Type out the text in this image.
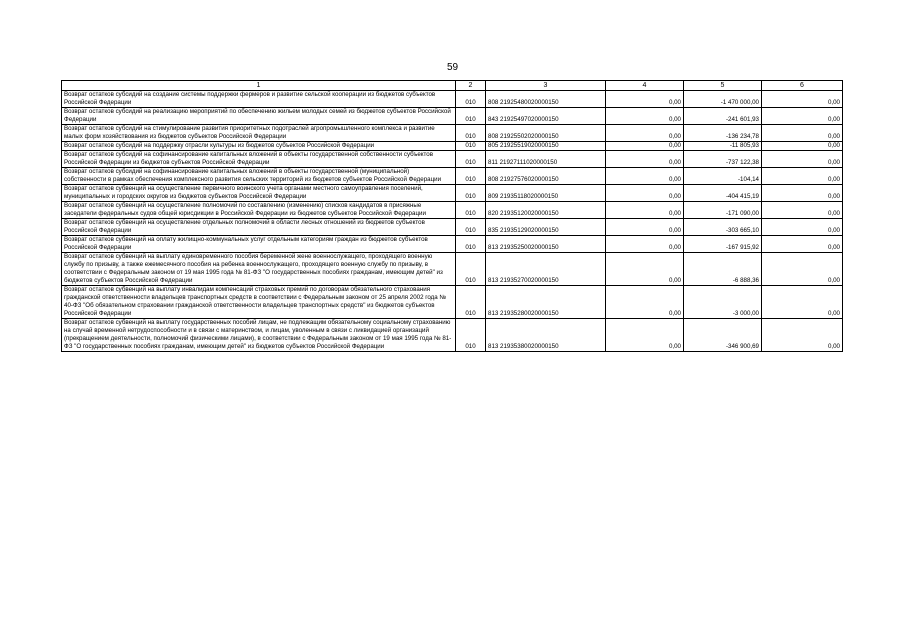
59
1	2	3	4	5	6
Возврат остатков субсидий на создание системы поддержки фермеров и развитие сельской кооперации из бюджетов субъектов Российской Федерации	010	808 21925480020000150	0,00	-1 470 000,00	0,00
Возврат остатков субсидий на реализацию мероприятий по обеспечению жильем молодых семей из бюджетов субъектов Российской Федерации	010	843 21925497020000150	0,00	-241 601,93	0,00
Возврат остатков субсидий на стимулирование развития приоритетных подотраслей агропромышленного комплекса и развитие малых форм хозяйствования из бюджетов субъектов Российской Федерации	010	808 21925502020000150	0,00	-136 234,78	0,00
Возврат остатков субсидий на поддержку отрасли культуры из бюджетов субъектов Российской Федерации	010	805 21925519020000150	0,00	-11 805,93	0,00
Возврат остатков субсидий на софинансирование капитальных вложений в объекты государственной собственности субъектов Российской Федерации из бюджетов субъектов Российской Федерации	010	811 21927111020000150	0,00	-737 122,38	0,00
Возврат остатков субсидий на софинансирование капитальных вложений в объекты государственной (муниципальной) собственности в рамках обеспечения комплексного развития сельских территорий из бюджетов субъектов Российской Федерации	010	808 21927576020000150	0,00	-104,14	0,00
Возврат остатков субвенций на осуществление первичного воинского учета органами местного самоуправления поселений, муниципальных и городских округов из бюджетов субъектов Российской Федерации	010	809 21935118020000150	0,00	-404 415,19	0,00
Возврат остатков субвенций на осуществление полномочий по составлению (изменению) списков кандидатов в присяжные заседатели федеральных судов общей юрисдикции в Российской Федерации из бюджетов субъектов Российской Федерации	010	820 21935120020000150	0,00	-171 090,00	0,00
Возврат остатков субвенций на осуществление отдельных полномочий в области лесных отношений из бюджетов субъектов Российской Федерации	010	835 21935129020000150	0,00	-303 665,10	0,00
Возврат остатков субвенций на оплату жилищно-коммунальных услуг отдельным категориям граждан из бюджетов субъектов Российской Федерации	010	813 21935250020000150	0,00	-167 915,92	0,00
Возврат остатков субвенций на выплату единовременного пособия беременной жене военнослужащего, проходящего военную службу по призыву, а также ежемесячного пособия на ребенка военнослужащего, проходящего военную службу по призыву, в соответствии с Федеральным законом от 19 мая 1995 года № 81-ФЗ "О государственных пособиях гражданам, имеющим детей" из бюджетов субъектов Российской Федерации	010	813 21935270020000150	0,00	-6 888,36	0,00
Возврат остатков субвенций на выплату инвалидам компенсаций страховых премий по договорам обязательного страхования гражданской ответственности владельцев транспортных средств в соответствии с Федеральным законом от 25 апреля 2002 года № 40-ФЗ "Об обязательном страховании гражданской ответственности владельцев транспортных средств" из бюджетов субъектов Российской Федерации	010	813 21935280020000150	0,00	-3 000,00	0,00
Возврат остатков субвенций на выплату государственных пособий лицам, не подлежащим обязательному социальному страхованию на случай временной нетрудоспособности и в связи с материнством, и лицам, уволенным в связи с ликвидацией организаций (прекращением деятельности, полномочий физическими лицами), в соответствии с Федеральным законом от 19 мая 1995 года № 81-ФЗ "О государственных пособиях гражданам, имеющим детей" из бюджетов субъектов Российской Федерации	010	813 21935380020000150	0,00	-346 900,69	0,00
